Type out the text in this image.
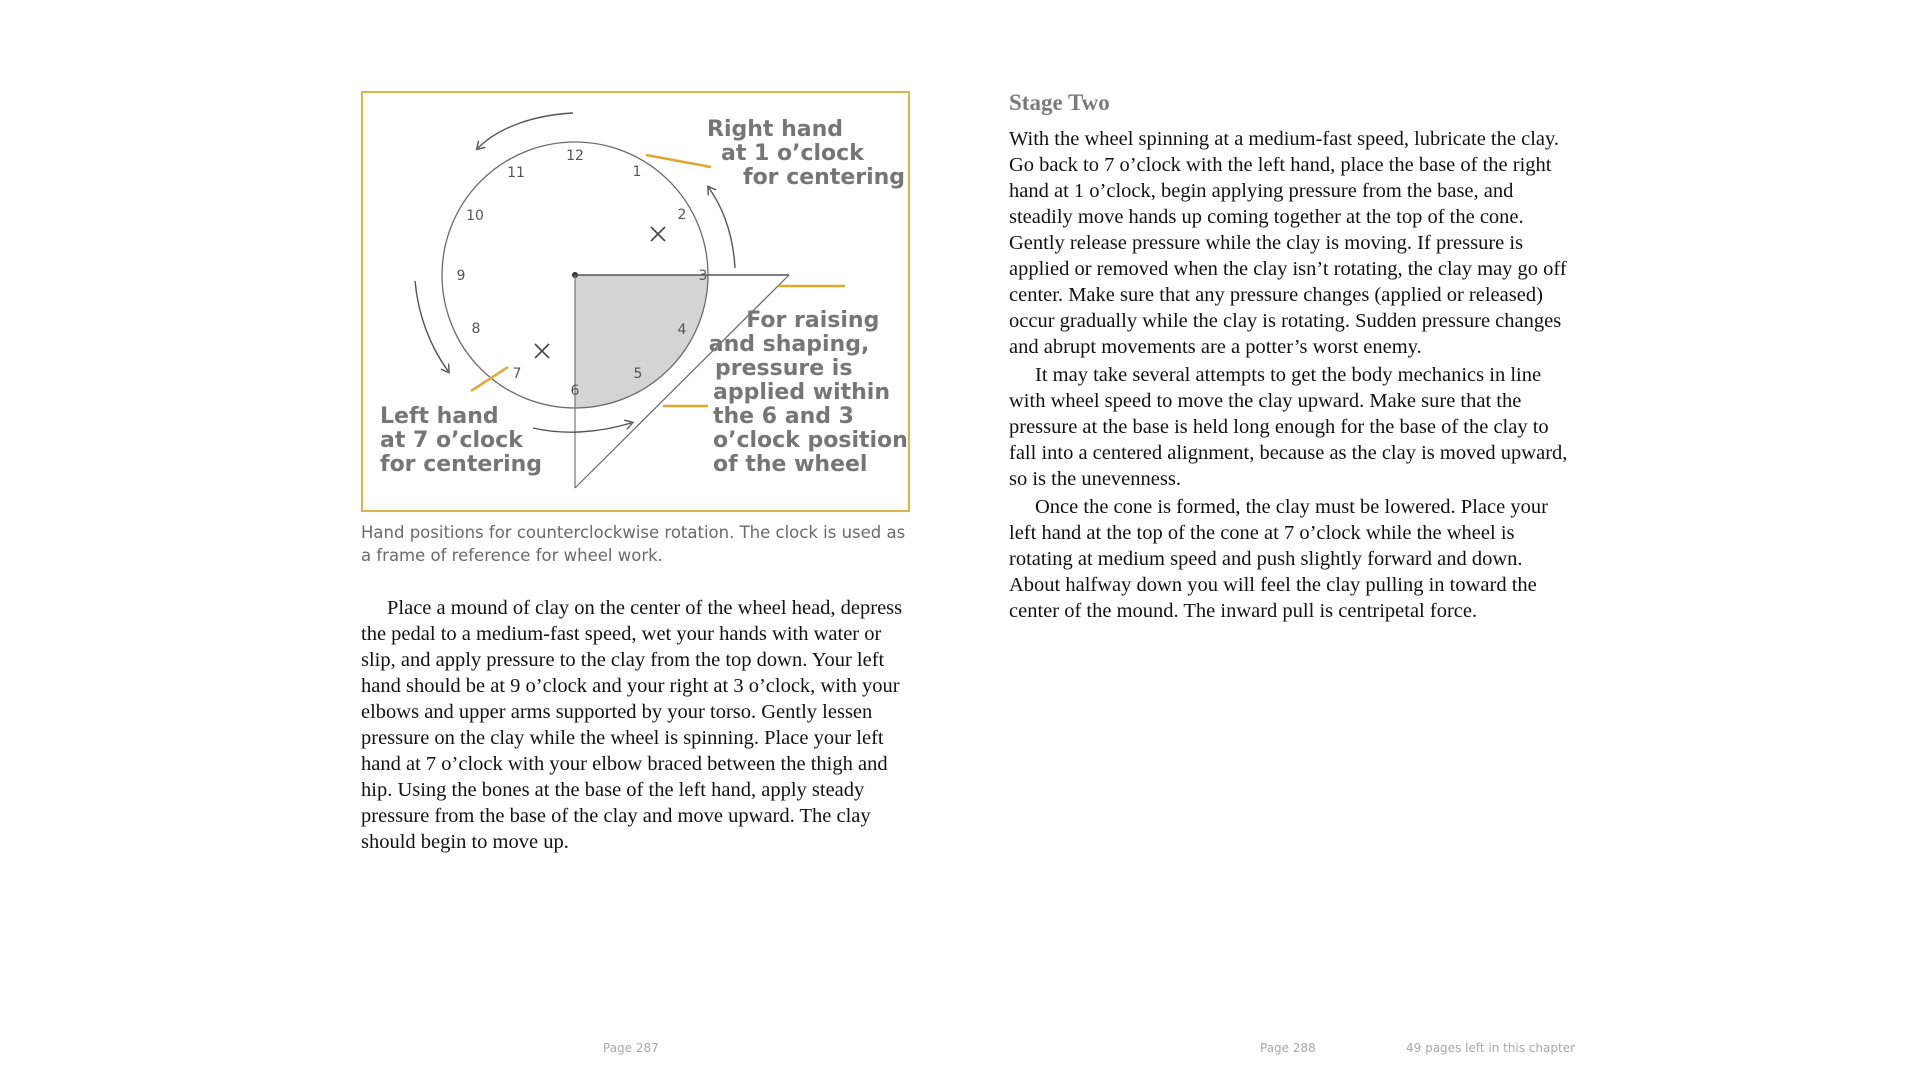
12
1
2
3
4
5
6
7
8
9
10
11
Right hand at 1 o’clock for centering
For raising and shaping, pressure is applied within the 6 and 3 o’clock position of the wheel
Left hand at 7 o’clock for centering
Hand positions for counterclockwise rotation. The clock is used as a frame of reference for wheel work.

Place a mound of clay on the center of the wheel head, depress the pedal to a medium-fast speed, wet your hands with water or slip, and apply pressure to the clay from the top down. Your left hand should be at 9 o’clock and your right at 3 o’clock, with your elbows and upper arms supported by your torso. Gently lessen pressure on the clay while the wheel is spinning. Place your left hand at 7 o’clock with your elbow braced between the thigh and hip. Using the bones at the base of the left hand, apply steady pressure from the base of the clay and move upward. The clay should begin to move up.

Stage Two

With the wheel spinning at a medium-fast speed, lubricate the clay. Go back to 7 o’clock with the left hand, place the base of the right hand at 1 o’clock, begin applying pressure from the base, and steadily move hands up coming together at the top of the cone. Gently release pressure while the clay is moving. If pressure is applied or removed when the clay isn’t rotating, the clay may go off center. Make sure that any pressure changes (applied or released) occur gradually while the clay is rotating. Sudden pressure changes and abrupt movements are a potter’s worst enemy.

It may take several attempts to get the body mechanics in line with wheel speed to move the clay upward. Make sure that the pressure at the base is held long enough for the base of the clay to fall into a centered alignment, because as the clay is moved upward, so is the unevenness.

Once the cone is formed, the clay must be lowered. Place your left hand at the top of the cone at 7 o’clock while the wheel is rotating at medium speed and push slightly forward and down. About halfway down you will feel the clay pulling in toward the center of the mound. The inward pull is centripetal force.

Page 287	Page 288	49 pages left in this chapter
